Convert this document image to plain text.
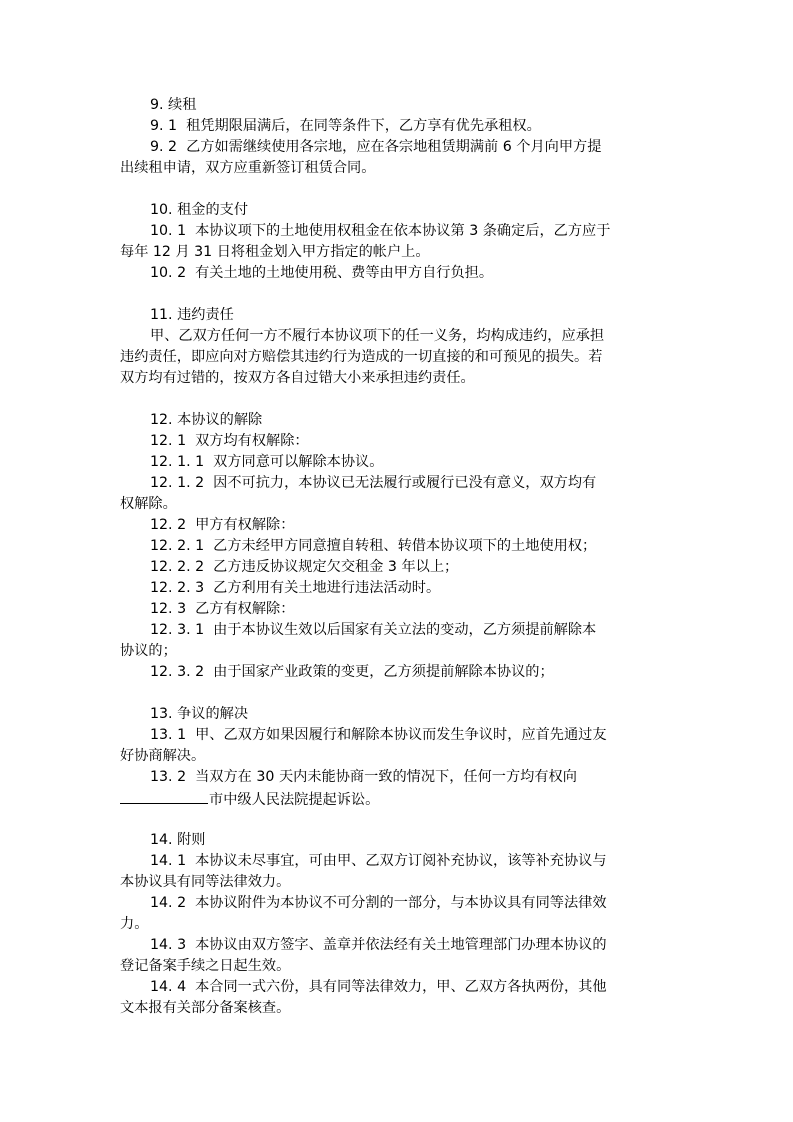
9. 续租
9. 1  租凭期限届满后，在同等条件下，乙方享有优先承租权。
9. 2  乙方如需继续使用各宗地，应在各宗地租赁期满前 6 个月向甲方提
出续租申请，双方应重新签订租赁合同。
10. 租金的支付
10. 1  本协议项下的土地使用权租金在依本协议第 3 条确定后，乙方应于
每年 12 月 31 日将租金划入甲方指定的帐户上。
10. 2  有关土地的土地使用税、费等由甲方自行负担。
11. 违约责任
甲、乙双方任何一方不履行本协议项下的任一义务，均构成违约，应承担
违约责任，即应向对方赔偿其违约行为造成的一切直接的和可预见的损失。若
双方均有过错的，按双方各自过错大小来承担违约责任。
12. 本协议的解除
12. 1  双方均有权解除：
12. 1. 1  双方同意可以解除本协议。
12. 1. 2  因不可抗力，本协议已无法履行或履行已没有意义，双方均有
权解除。
12. 2  甲方有权解除：
12. 2. 1  乙方未经甲方同意擅自转租、转借本协议项下的土地使用权；
12. 2. 2  乙方违反协议规定欠交租金 3 年以上；
12. 2. 3  乙方利用有关土地进行违法活动时。
12. 3  乙方有权解除：
12. 3. 1  由于本协议生效以后国家有关立法的变动，乙方须提前解除本
协议的；
12. 3. 2  由于国家产业政策的变更，乙方须提前解除本协议的；
13. 争议的解决
13. 1  甲、乙双方如果因履行和解除本协议而发生争议时，应首先通过友
好协商解决。
13. 2  当双方在 30 天内未能协商一致的情况下，任何一方均有权向
市中级人民法院提起诉讼。
14. 附则
14. 1  本协议未尽事宜，可由甲、乙双方订阅补充协议，该等补充协议与
本协议具有同等法律效力。
14. 2  本协议附件为本协议不可分割的一部分，与本协议具有同等法律效
力。
14. 3  本协议由双方签字、盖章并依法经有关土地管理部门办理本协议的
登记备案手续之日起生效。
14. 4  本合同一式六份，具有同等法律效力，甲、乙双方各执两份，其他
文本报有关部分备案核查。
